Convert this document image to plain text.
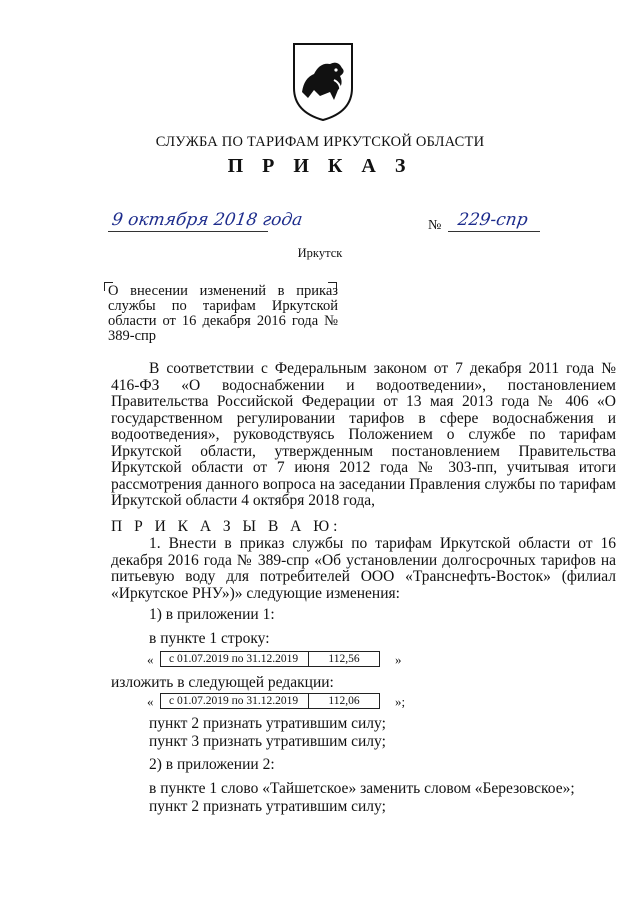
СЛУЖБА ПО ТАРИФАМ ИРКУТСКОЙ ОБЛАСТИ
П Р И К А З
9 октября 2018 года	№ 229-спр
Иркутск
О внесении изменений в приказ службы по тарифам Иркутской области от 16 декабря 2016 года № 389-спр
В соответствии с Федеральным законом от 7 декабря 2011 года № 416-ФЗ «О водоснабжении и водоотведении», постановлением Правительства Российской Федерации от 13 мая 2013 года № 406 «О государственном регулировании тарифов в сфере водоснабжения и водоотведения», руководствуясь Положением о службе по тарифам Иркутской области, утвержденным постановлением Правительства Иркутской области от 7 июня 2012 года № 303-пп, учитывая итоги рассмотрения данного вопроса на заседании Правления службы по тарифам Иркутской области 4 октября 2018 года,
П Р И К А З Ы В А Ю:
1. Внести в приказ службы по тарифам Иркутской области от 16 декабря 2016 года № 389-спр «Об установлении долгосрочных тарифов на питьевую воду для потребителей ООО «Транснефть-Восток» (филиал «Иркутское РНУ»)» следующие изменения:
1) в приложении 1:
в пункте 1 строку:
«	с 01.07.2019 по 31.12.2019	112,56	»
изложить в следующей редакции:
«	с 01.07.2019 по 31.12.2019	112,06	»;
пункт 2 признать утратившим силу;
пункт 3 признать утратившим силу;
2) в приложении 2:
в пункте 1 слово «Тайшетское» заменить словом «Березовское»;
пункт 2 признать утратившим силу;
